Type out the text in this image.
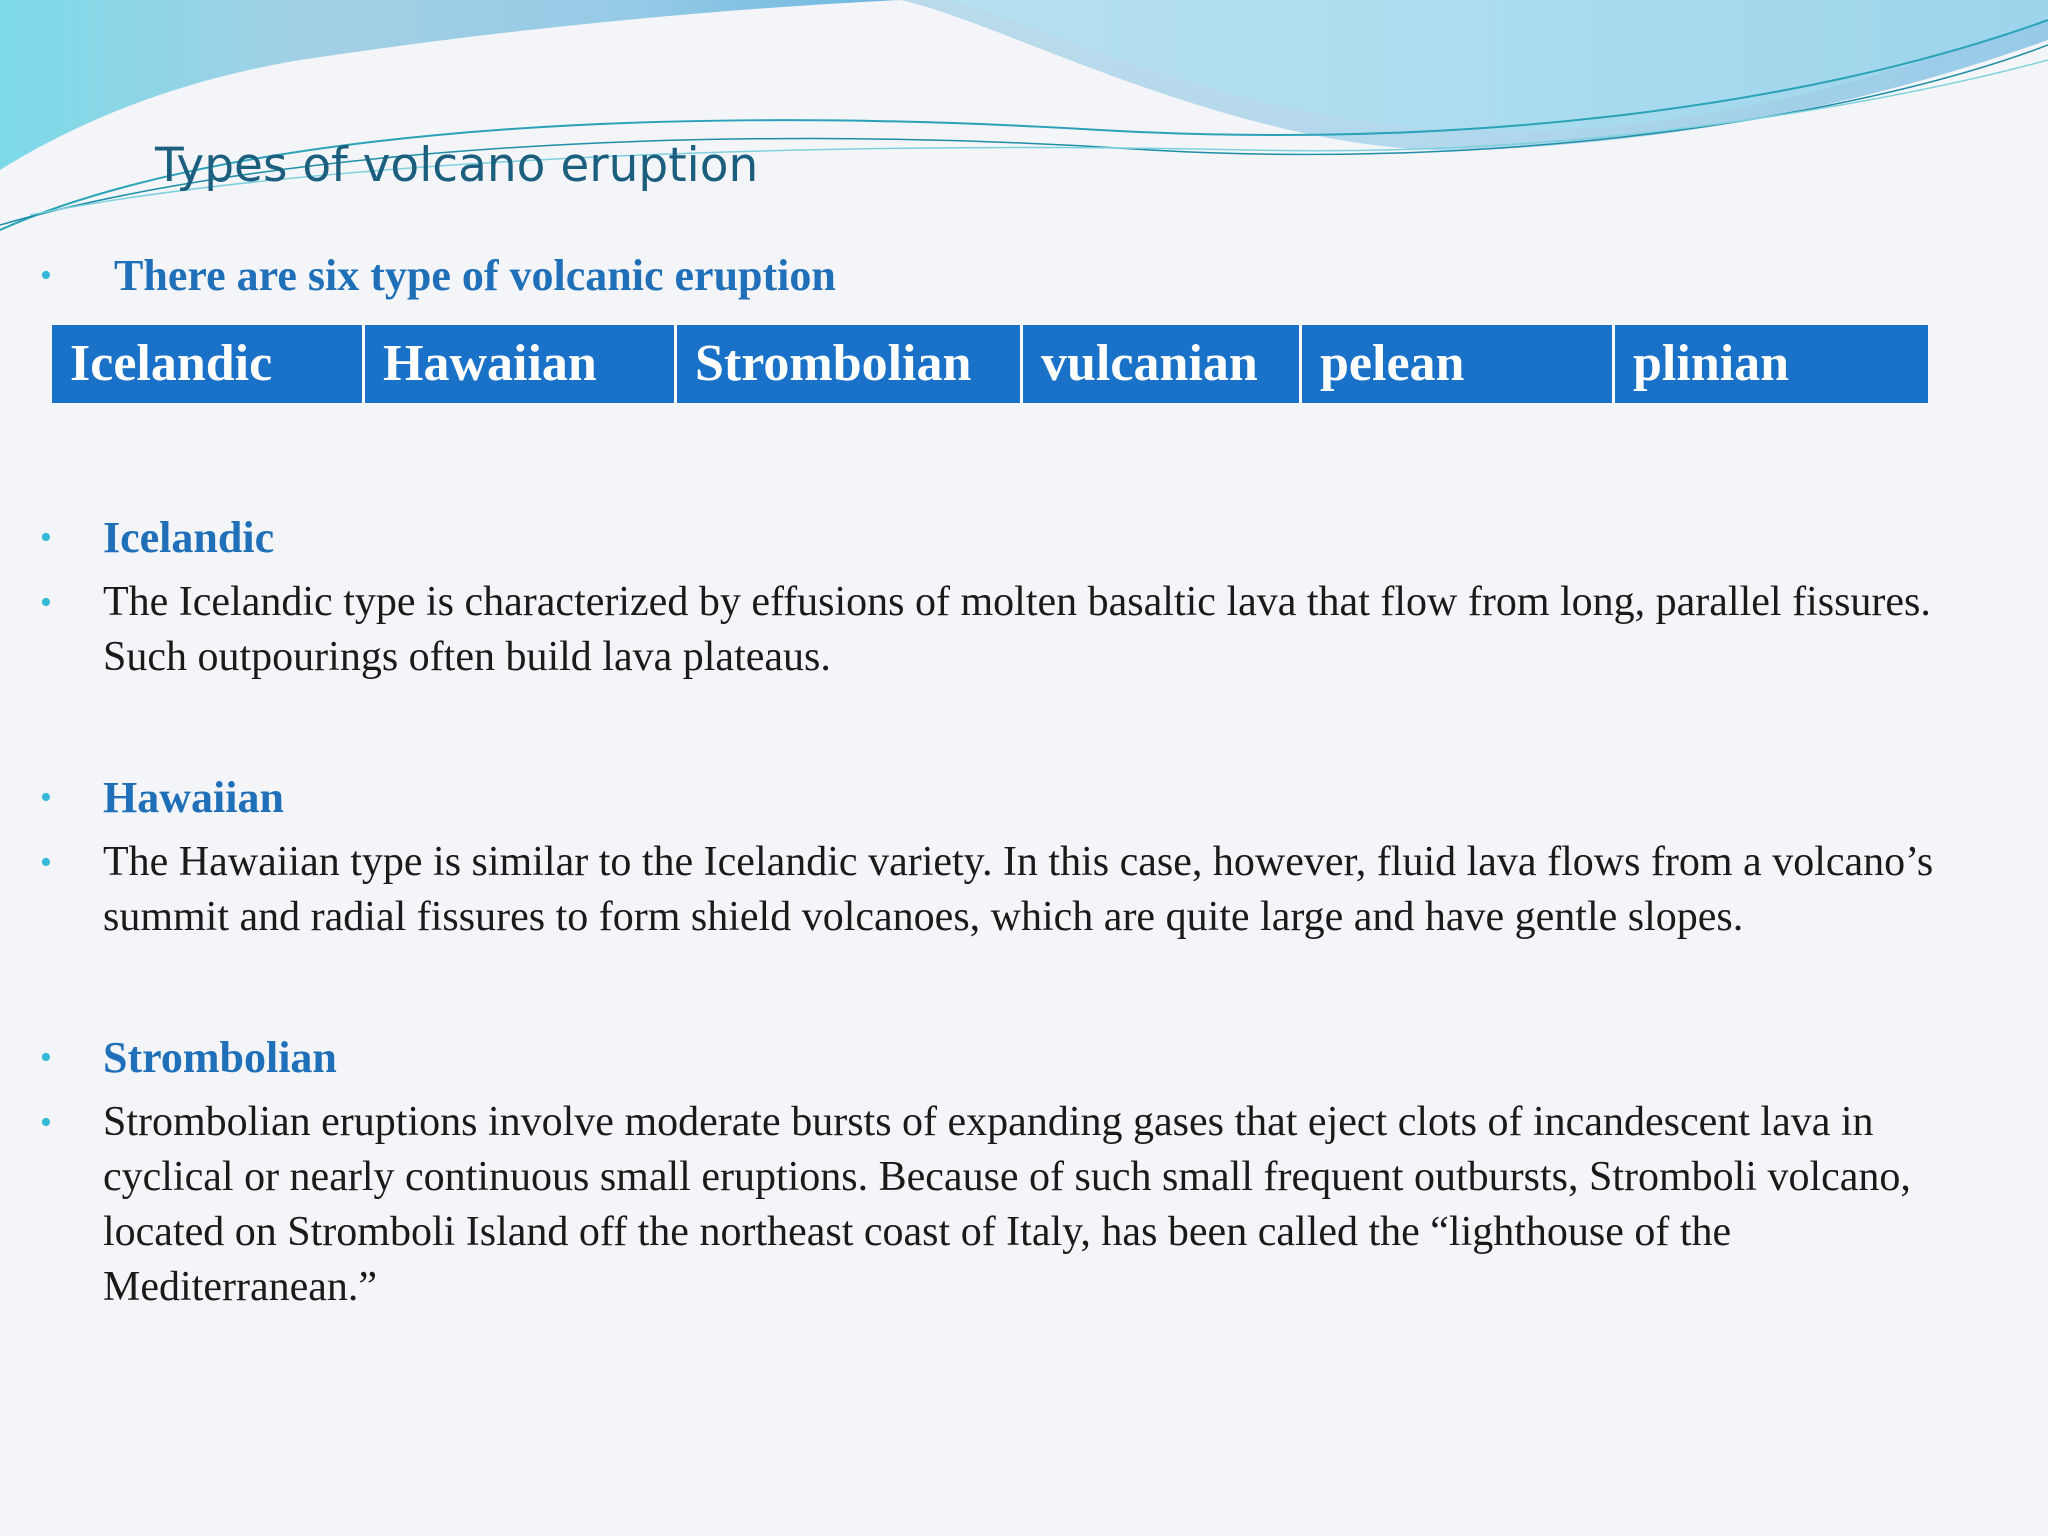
Types of volcano eruption
• There are six type of volcanic eruption
Icelandic	Hawaiian	Strombolian	vulcanian	pelean	plinian
•	Icelandic
•	The Icelandic type is characterized by effusions of molten basaltic lava that flow from long, parallel fissures. Such outpourings often build lava plateaus.
•	Hawaiian
•	The Hawaiian type is similar to the Icelandic variety. In this case, however, fluid lava flows from a volcano’s summit and radial fissures to form shield volcanoes, which are quite large and have gentle slopes.
•	Strombolian
•	Strombolian eruptions involve moderate bursts of expanding gases that eject clots of incandescent lava in cyclical or nearly continuous small eruptions. Because of such small frequent outbursts, Stromboli volcano, located on Stromboli Island off the northeast coast of Italy, has been called the “lighthouse of the Mediterranean.”
